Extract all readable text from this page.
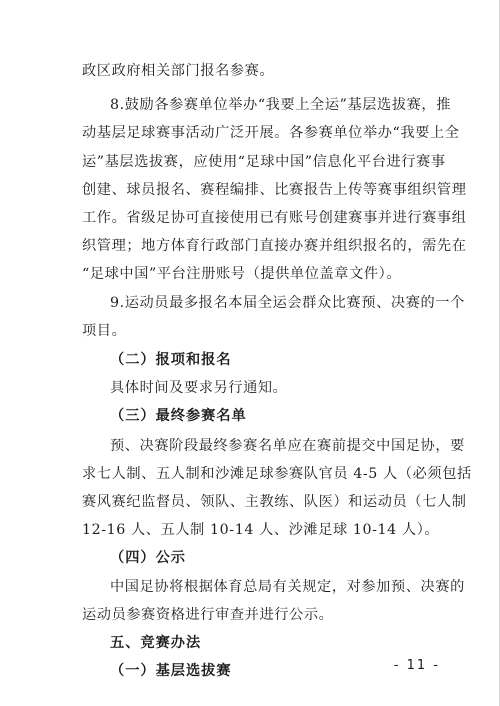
政区政府相关部门报名参赛。
8.鼓励各参赛单位举办“我要上全运”基层选拔赛，推
动基层足球赛事活动广泛开展。各参赛单位举办“我要上全
运”基层选拔赛，应使用“足球中国”信息化平台进行赛事
创建、球员报名、赛程编排、比赛报告上传等赛事组织管理
工作。省级足协可直接使用已有账号创建赛事并进行赛事组
织管理；地方体育行政部门直接办赛并组织报名的，需先在
“足球中国”平台注册账号（提供单位盖章文件）。
9.运动员最多报名本届全运会群众比赛预、决赛的一个
项目。
（二）报项和报名
具体时间及要求另行通知。
（三）最终参赛名单
预、决赛阶段最终参赛名单应在赛前提交中国足协，要
求七人制、五人制和沙滩足球参赛队官员 4-5 人（必须包括
赛风赛纪监督员、领队、主教练、队医）和运动员（七人制
12-16 人、五人制 10-14 人、沙滩足球 10-14 人）。
（四）公示
中国足协将根据体育总局有关规定，对参加预、决赛的
运动员参赛资格进行审查并进行公示。
五、竞赛办法
（一）基层选拔赛	- 11 -
